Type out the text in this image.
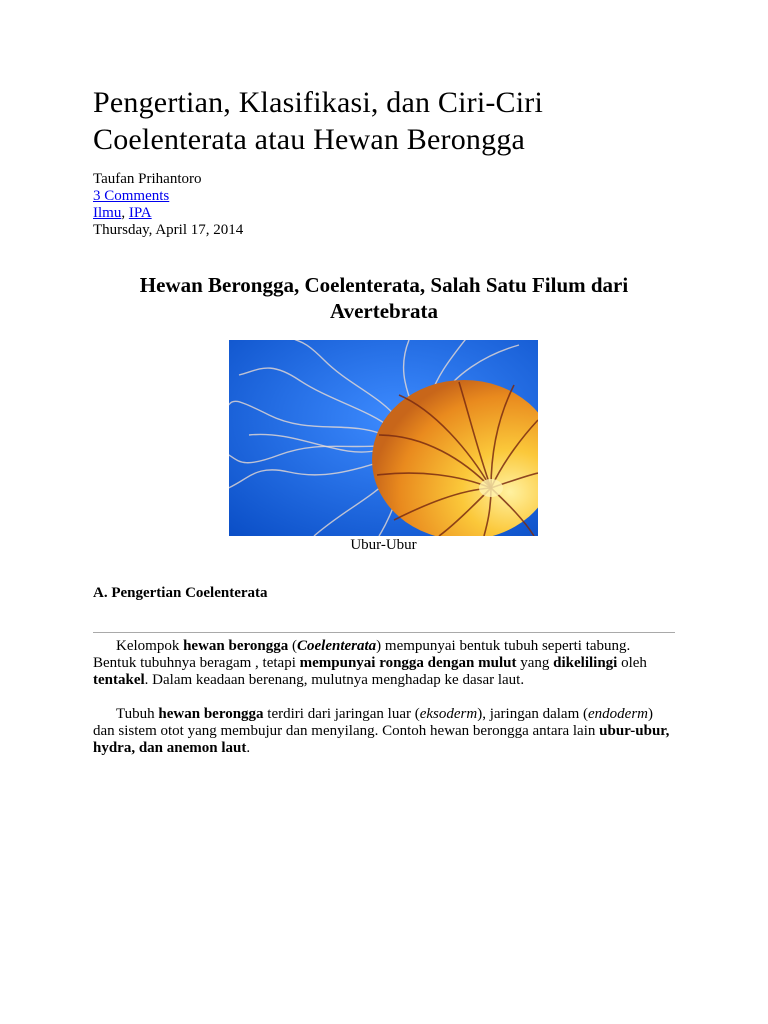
Pengertian, Klasifikasi, dan Ciri-Ciri
Coelenterata atau Hewan Berongga
Taufan Prihantoro
3 Comments
Ilmu, IPA
Thursday, April 17, 2014
Hewan Berongga, Coelenterata, Salah Satu Filum dari
Avertebrata
Ubur-Ubur
A. Pengertian Coelenterata

Kelompok hewan berongga (Coelenterata) mempunyai bentuk tubuh seperti tabung. Bentuk tubuhnya beragam , tetapi mempunyai rongga dengan mulut yang dikelilingi oleh tentakel. Dalam keadaan berenang, mulutnya menghadap ke dasar laut.

Tubuh hewan berongga terdiri dari jaringan luar (eksoderm), jaringan dalam (endoderm) dan sistem otot yang membujur dan menyilang. Contoh hewan berongga antara lain ubur-ubur, hydra, dan anemon laut.
